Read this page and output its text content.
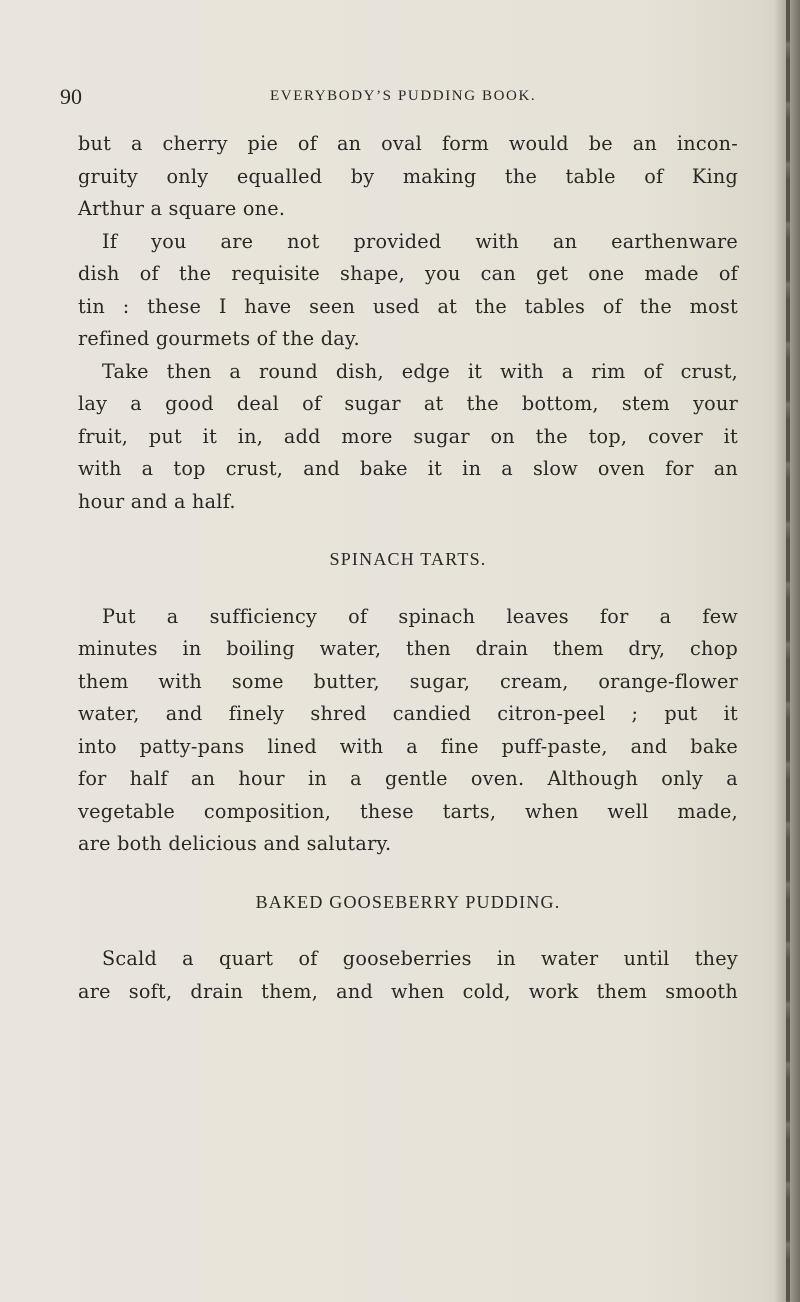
90	EVERYBODY’S PUDDING BOOK.
but a cherry pie of an oval form would be an incon-
gruity only equalled by making the table of King
Arthur a square one.
If you are not provided with an earthenware
dish of the requisite shape, you can get one made of
tin : these I have seen used at the tables of the most
refined gourmets of the day.
Take then a round dish, edge it with a rim of crust,
lay a good deal of sugar at the bottom, stem your
fruit, put it in, add more sugar on the top, cover it
with a top crust, and bake it in a slow oven for an
hour and a half.
SPINACH TARTS.
Put a sufficiency of spinach leaves for a few
minutes in boiling water, then drain them dry, chop
them with some butter, sugar, cream, orange-flower
water, and finely shred candied citron-peel ; put it
into patty-pans lined with a fine puff-paste, and bake
for half an hour in a gentle oven. Although only a
vegetable composition, these tarts, when well made,
are both delicious and salutary.
BAKED GOOSEBERRY PUDDING.
Scald a quart of gooseberries in water until they
are soft, drain them, and when cold, work them smooth
